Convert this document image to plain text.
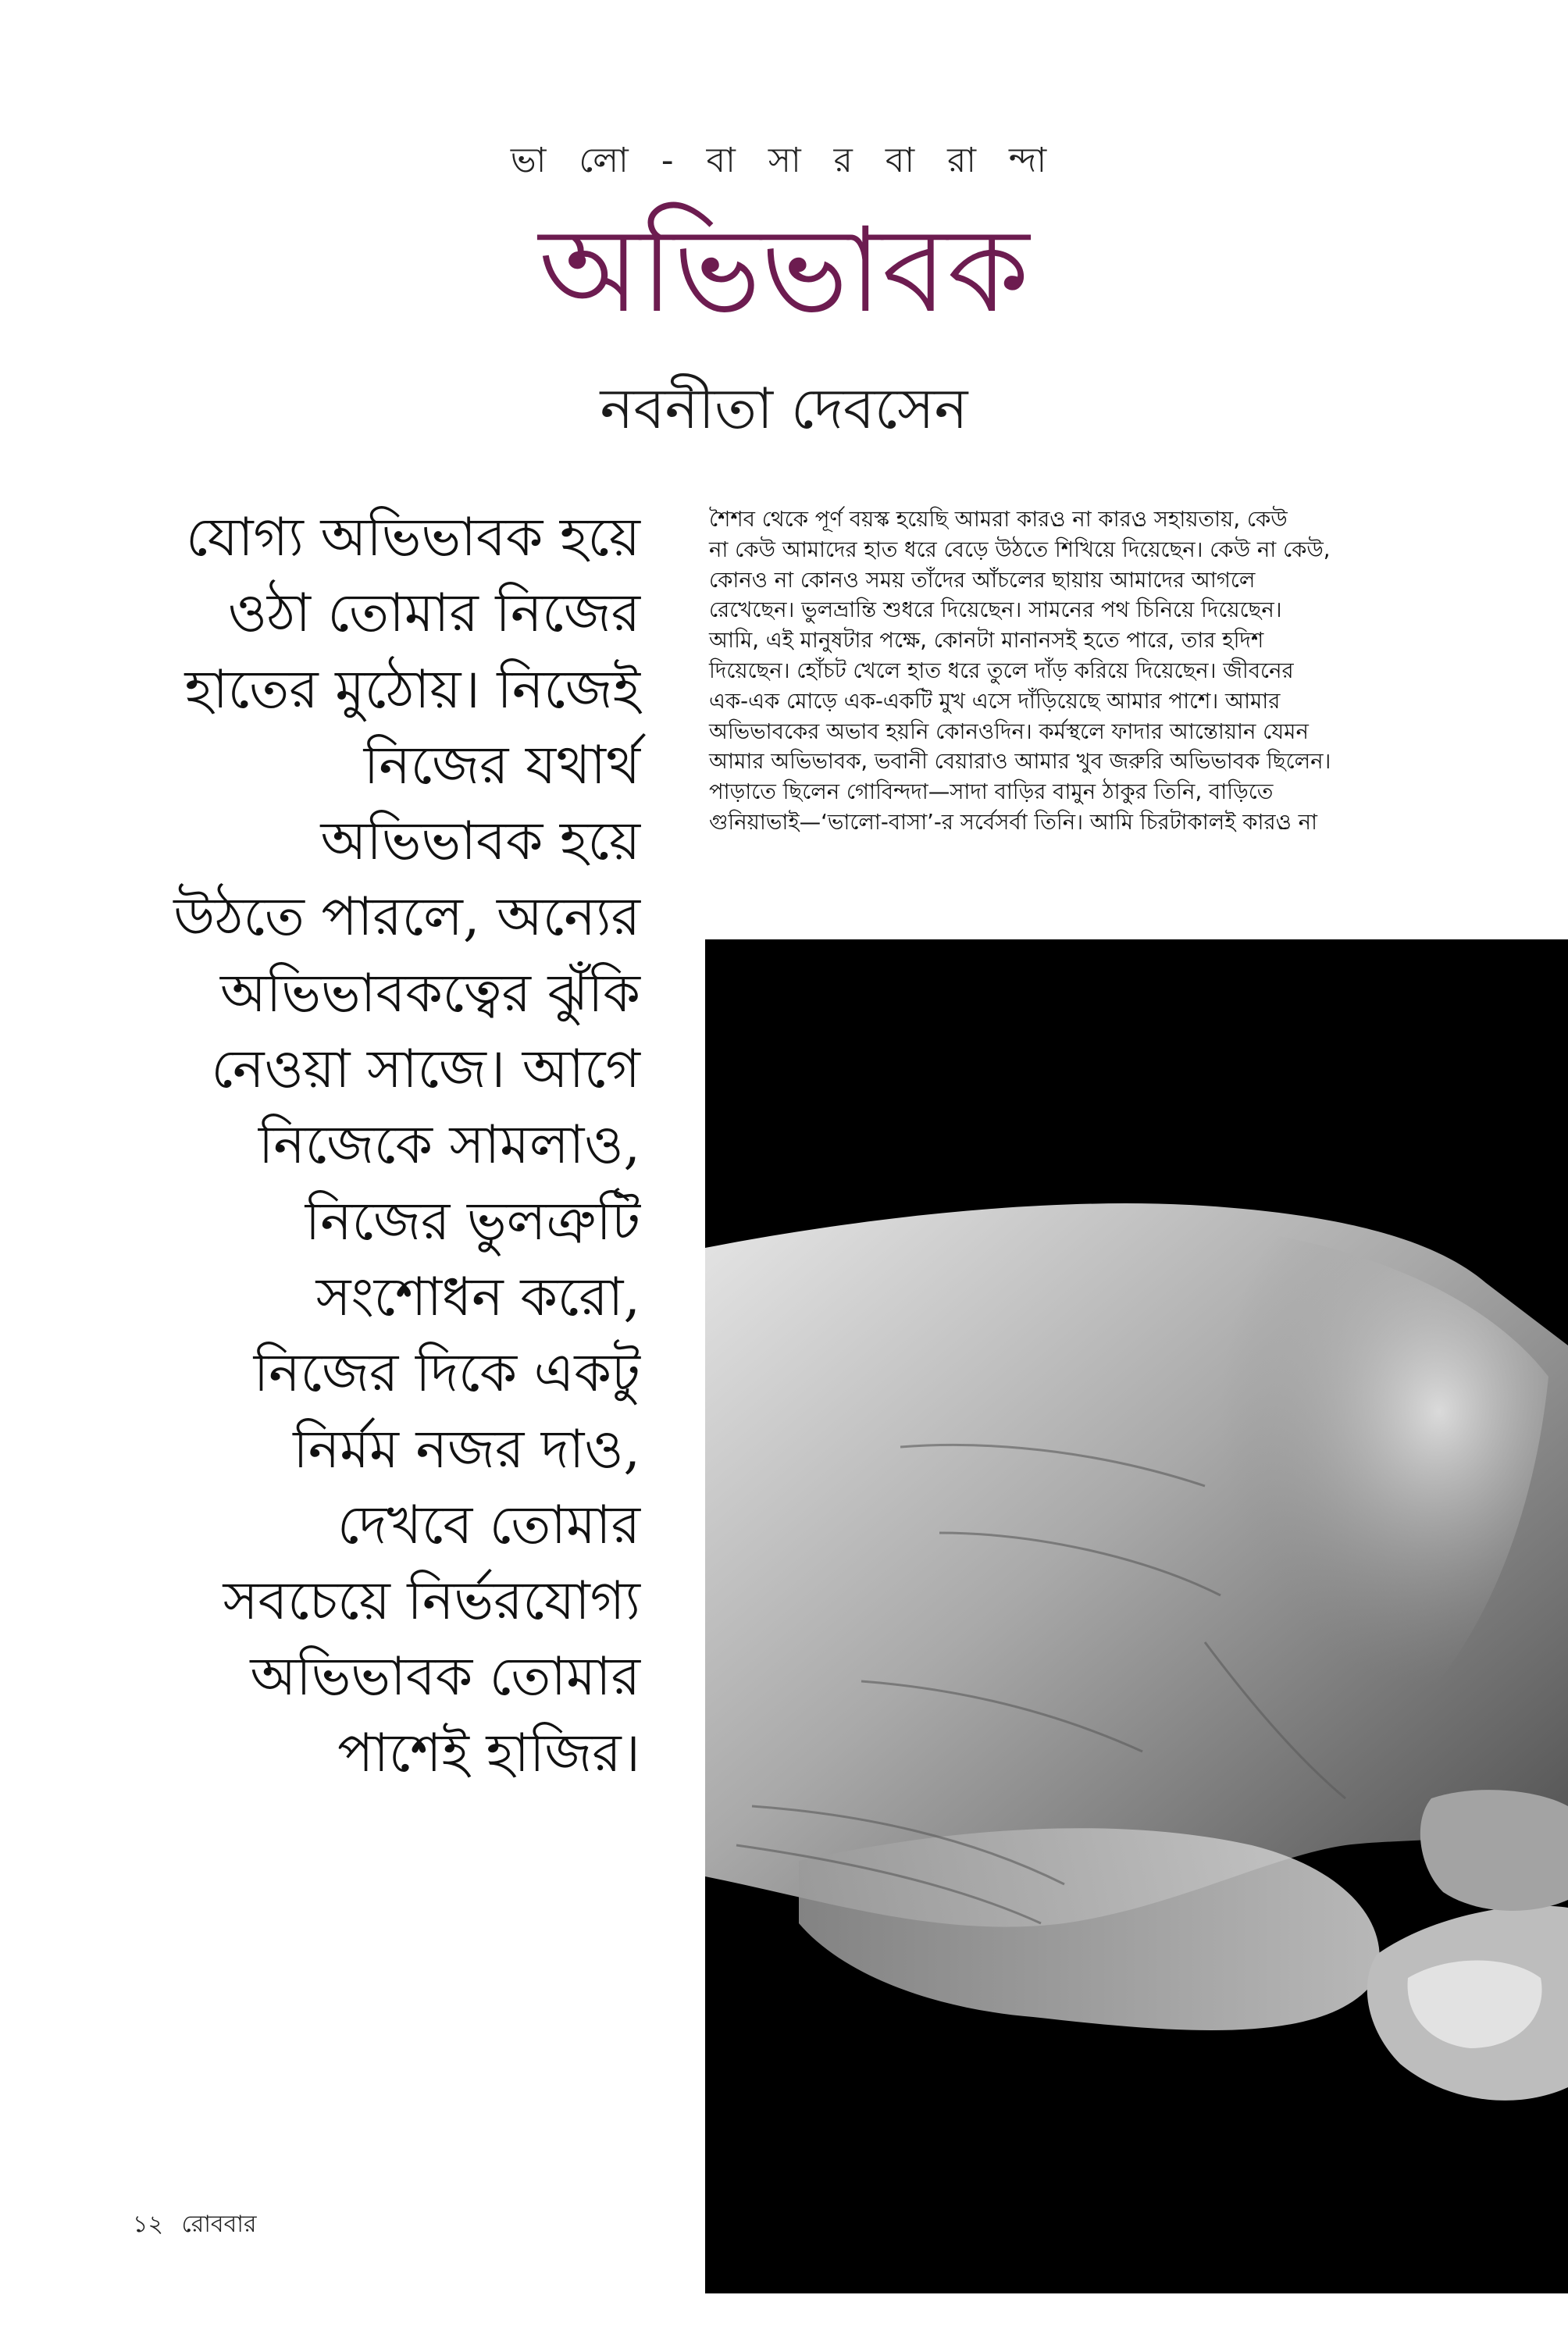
ভা লো - বা সা র বা রা ন্দা
অভিভাবক
নবনীতা দেবসেন
যোগ্য অভিভাবক হয়ে
ওঠা তোমার নিজের
হাতের মুঠোয়। নিজেই
নিজের যথার্থ
অভিভাবক হয়ে
উঠতে পারলে, অন্যের
অভিভাবকত্বের ঝুঁকি
নেওয়া সাজে। আগে
নিজেকে সামলাও,
নিজের ভুলত্রুটি
সংশোধন করো,
নিজের দিকে একটু
নির্মম নজর দাও,
দেখবে তোমার
সবচেয়ে নির্ভরযোগ্য
অভিভাবক তোমার
পাশেই হাজির।
শৈশব থেকে পূর্ণ বয়স্ক হয়েছি আমরা কারও্র না কারও্র সহায়তায়, কেউ
না কেউ আমাদের হাত ধরে বেড়ে উঠতে শিখিয়ে দিয়েছেন। কেউ না কেউ,
কোনও না কোনও সময় তাঁদের আঁচলের ছায়ায় আমাদের আগলে
রেখেছেন। ভুলভ্রান্তি শুধরে দিয়েছেন। সামনের পথ চিনিয়ে দিয়েছেন।
আমি, এই মানুষটার পক্ষে, কোনটা মানানসই হতে পারে, তার হদিশ
দিয়েছেন। হোঁচট খেলে হাত ধরে তুলে দাঁড় করিয়ে দিয়েছেন। জীবনের
এক-এক মোড়ে এক-একটি মুখ এসে দাঁড়িয়েছে আমার পাশে। আমার
অভিভাবকের অভাব হয়নি কোনওদিন। কর্মস্থলে ফাদার আন্তোয়ান যেমন
আমার অভিভাবক, ভবানী বেয়ারাও আমার খুব জরুরি অভিভাবক ছিলেন।
পাড়াতে ছিলেন গোবিন্দদা—সাদা বাড়ির বামুন ঠাকুর তিনি, বাড়িতে
গুনিয়াভাই—‘ভালো-বাসা’-র সর্বেসর্বা তিনি। আমি চিরটাকালই কারও্র না
১২ রোববার
